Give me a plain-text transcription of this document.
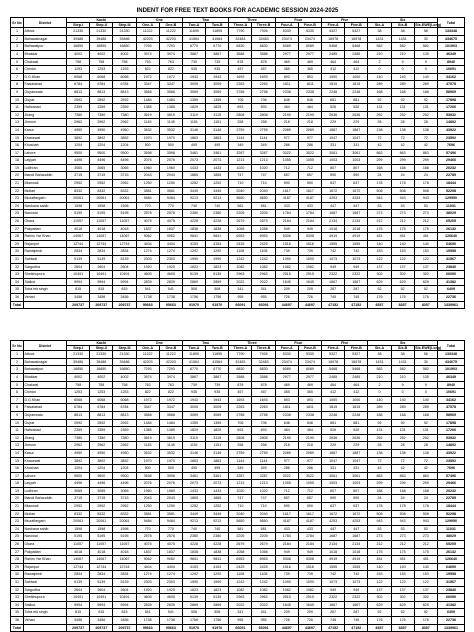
INDENT FOR FREE TEXT BOOKS FOR ACADEMIC SESSION 2024-2025
Sr No	District	Kachi			One		Two		Three		Four		Five		Six			Total
		Step-I	Step-II	Step-III	One-A	One-B	Two-A	Two-B	Three-A	Three-B	Four-A	Four-B	Five-A	Five-B	Six-A	Six-B	Six-EWE(Long)	
1	Attock	21330	21330	21330	11222	11222	11895	11895	7790	7926	5330	5330	5327	5327	38	38	58	133348
2	Bahawalnagar	39486	39486	39486	42203	42203	41564	41564	32483	32483	23474	23474	16978	16978	1431	1431	30	434675
3	Bahawalpur	16850	16850	16850	7293	7293	6770	6770	6830	6830	6089	6089	5468	5468	582	582	582	101903
4	Bhakkar	4002	4002	4002	3974	3974	3867	3867	3588	3588	2977	2977	2485	2485	210	210	135	46349
5	Chakwal	758	758	758	763	763	739	739	878	878	469	469	464	464	2	9	9	8940
6	Chiniot	1253	1253	1253	822	822	935	935	457	457	365	365	412	412	0	0	0	10691
7	D.G.Khan	6068	6068	6068	1972	1972	1943	1943	1693	1693	893	893	1000	1000	140	140	140	34162
8	Faisalabad	6784	6784	6784	3347	3347	3005	3005	2263	2263	1811	1811	1815	1815	289	289	289	47578
9	Gujranwala	8813	8813	8813	3568	3568	3069	3069	2758	2758	2338	2338	2248	2248	168	168	168	58969
10	Gujrat	2592	2592	2592	1484	1484	1359	1359	706	706	646	646	681	681	92	92	92	17898
11	Hafizabad	2359	2359	2359	1385	1385	1829	1829	693	693	464	464	526	526	131	131	131	17206
12	Jhang	7380	7380	7380	3619	3619	3119	3119	2808	2808	2190	2190	2636	2636	252	252	252	53932
13	Jhelum	2962	2962	2962	1145	1145	1151	1151	258	258	218	218	229	229	28	28	28	14892
14	Kasur	4950	4950	4950	3532	3532	3146	3146	2759	2759	2089	2089	1887	1887	138	138	138	43922
15	Khanewal	3892	3892	3892	1970	1970	1863	1863	1144	1144	977	977	1047	1047	72	72	72	23592
16	Khushab	1204	1204	1204	500	500	495	495	349	349	286	286	331	331	42	42	42	7696
17	Lahore	9500	9500	9500	3598	3598	3461	3461	3287	3287	3022	3022	3061	3061	863	863	863	57496
18	Layyah	4496	4496	4496	2076	2076	2073	2073	1213	1213	1055	1055	1003	1003	299	299	299	29466
19	Lodhran	3065	3065	3065	1960	1960	1433	1433	1020	1020	712	712	807	807	168	168	168	20232
20	Mandi Bahauddin	3715	3715	3715	2043	2043	1865	1865	747	747	657	657	590	590	24	24	24	22785
21	Mianwali	2952	2952	2952	1250	1250	1252	1252	710	710	590	590	637	637	178	178	178	18444
22	Multan	8332	8332	8332	3581	3581	3449	3449	2040	2040	1617	1617	1672	1672	508	508	508	52298
23	Muzaffargarh	20061	20061	20061	9484	9484	9213	9213	5650	5650	4187	4187	4253	4253	943	943	943	129950
24	Nankana sahib	1598	1598	1598	770	770	740	740	581	581	433	433	447	447	53	53	53	11031
25	Narowal	5195	5195	5195	2578	2578	2380	2380	2205	2205	1784	1784	1687	1687	273	273	273	38029
26	Okara	11057	11057	11057	4075	4075	4228	4228	2679	2679	2184	2184	2134	2134	212	212	212	65205
27	Pakpattan	4018	4018	4018	1837	1837	1838	1838	1058	1058	949	949	1018	1018	175	175	175	26132
28	Rahim Yar Khan	14067	14067	14067	9062	9062	9841	9841	6953	6953	5308	5308	4919	4919	451	451	451	126640
29	Rajanpur	12744	12744	12744	4404	4404	4153	4153	2425	2425	1516	1516	1555	1555	140	140	140	64690
30	Rawalpindi	2834	2834	2834	1274	1274	1292	1292	1108	1108	739	739	742	742	153	153	153	19558
31	Sahiwal	5139	5139	5139	2303	2303	1990	1990	1242	1242	1090	1090	1073	1073	122	122	122	31567
32	Sargodha	2604	2604	2604	1920	1920	1823	1823	1082	1082	1082	1082	949	949	137	137	137	23840
33	Sheikhupura	10491	10491	10491	4605	4605	5139	5139	2963	2963	2515	2515	2322	2322	302	302	302	66090
34	Sialkot	5994	5994	5994	2839	2839	2869	2869	2022	2022	1645	1645	1667	1667	629	629	629	41382
35	Toba tek singh	815	815	815	541	541	508	508	341	341	209	209	287	287	52	52	52	6409
36	Vehari	3456	3456	3456	1738	1738	1756	1756	955	955	726	726	745	745	176	176	176	22736
Total		209737	209737	209737	95663	95663	91970	91970	66091	66091	44697	44697	47152	47152	8357	8357	8357	1339961
Sr No	District	Kachi			One		Two		Three		Four		Five		Six			Total
		Step-I	Step-II	Step-III	One-A	One-B	Two-A	Two-B	Three-A	Three-B	Four-A	Four-B	Five-A	Five-B	Six-A	Six-B	Six-EWE(Long)	
1	Attock	21330	21330	21330	11222	11222	11895	11895	7790	7926	5330	5330	5327	5327	38	38	58	133348
2	Bahawalnagar	39486	39486	39486	42203	42203	41564	41564	32483	32483	23474	23474	16978	16978	1431	1431	30	434675
3	Bahawalpur	16850	16850	16850	7293	7293	6770	6770	6830	6830	6089	6089	5468	5468	582	582	582	101903
4	Bhakkar	4002	4002	4002	3974	3974	3867	3867	3588	3588	2977	2977	2485	2485	210	210	135	46349
5	Chakwal	758	758	758	763	763	739	739	878	878	469	469	464	464	2	9	9	8940
6	Chiniot	1253	1253	1253	822	822	935	935	457	457	365	365	412	412	0	0	0	10691
7	D.G.Khan	6068	6068	6068	1972	1972	1943	1943	1693	1693	893	893	1000	1000	140	140	140	34162
8	Faisalabad	6784	6784	6784	3347	3347	3005	3005	2263	2263	1811	1811	1815	1815	289	289	289	47578
9	Gujranwala	8813	8813	8813	3568	3568	3069	3069	2758	2758	2338	2338	2248	2248	168	168	168	58969
10	Gujrat	2592	2592	2592	1484	1484	1359	1359	706	706	646	646	681	681	92	92	92	17898
11	Hafizabad	2359	2359	2359	1385	1385	1829	1829	693	693	464	464	526	526	131	131	131	17206
12	Jhang	7380	7380	7380	3619	3619	3119	3119	2808	2808	2190	2190	2636	2636	252	252	252	53932
13	Jhelum	2962	2962	2962	1145	1145	1151	1151	258	258	218	218	229	229	28	28	28	14892
14	Kasur	4950	4950	4950	3532	3532	3146	3146	2759	2759	2089	2089	1887	1887	138	138	138	43922
15	Khanewal	3892	3892	3892	1970	1970	1863	1863	1144	1144	977	977	1047	1047	72	72	72	23592
16	Khushab	1204	1204	1204	500	500	495	495	349	349	286	286	331	331	42	42	42	7696
17	Lahore	9500	9500	9500	3598	3598	3461	3461	3287	3287	3022	3022	3061	3061	863	863	863	57496
18	Layyah	4496	4496	4496	2076	2076	2073	2073	1213	1213	1055	1055	1003	1003	299	299	299	29466
19	Lodhran	3065	3065	3065	1960	1960	1433	1433	1020	1020	712	712	807	807	168	168	168	20232
20	Mandi Bahauddin	3715	3715	3715	2043	2043	1865	1865	747	747	657	657	590	590	24	24	24	22785
21	Mianwali	2952	2952	2952	1250	1250	1252	1252	710	710	590	590	637	637	178	178	178	18444
22	Multan	8332	8332	8332	3581	3581	3449	3449	2040	2040	1617	1617	1672	1672	508	508	508	52298
23	Muzaffargarh	20061	20061	20061	9484	9484	9213	9213	5650	5650	4187	4187	4253	4253	943	943	943	129950
24	Nankana sahib	1598	1598	1598	770	770	740	740	581	581	433	433	447	447	53	53	53	11031
25	Narowal	5195	5195	5195	2578	2578	2380	2380	2205	2205	1784	1784	1687	1687	273	273	273	38029
26	Okara	11057	11057	11057	4075	4075	4228	4228	2679	2679	2184	2184	2134	2134	212	212	212	65205
27	Pakpattan	4018	4018	4018	1837	1837	1838	1838	1058	1058	949	949	1018	1018	175	175	175	26132
28	Rahim Yar Khan	14067	14067	14067	9062	9062	9841	9841	6953	6953	5308	5308	4919	4919	451	451	451	126640
29	Rajanpur	12744	12744	12744	4404	4404	4153	4153	2425	2425	1516	1516	1555	1555	140	140	140	64690
30	Rawalpindi	2834	2834	2834	1274	1274	1292	1292	1108	1108	739	739	742	742	153	153	153	19558
31	Sahiwal	5139	5139	5139	2303	2303	1990	1990	1242	1242	1090	1090	1073	1073	122	122	122	31567
32	Sargodha	2604	2604	2604	1920	1920	1823	1823	1082	1082	1082	1082	949	949	137	137	137	23840
33	Sheikhupura	10491	10491	10491	4605	4605	5139	5139	2963	2963	2515	2515	2322	2322	302	302	302	66090
34	Sialkot	5994	5994	5994	2839	2839	2869	2869	2022	2022	1645	1645	1667	1667	629	629	629	41382
35	Toba tek singh	815	815	815	541	541	508	508	341	341	209	209	287	287	52	52	52	6409
36	Vehari	3456	3456	3456	1738	1738	1756	1756	955	955	726	726	745	745	176	176	176	22736
Total		209737	209737	209737	95663	95663	91970	91970	66091	66091	44697	44697	47152	47152	8357	8357	8357	1339961
